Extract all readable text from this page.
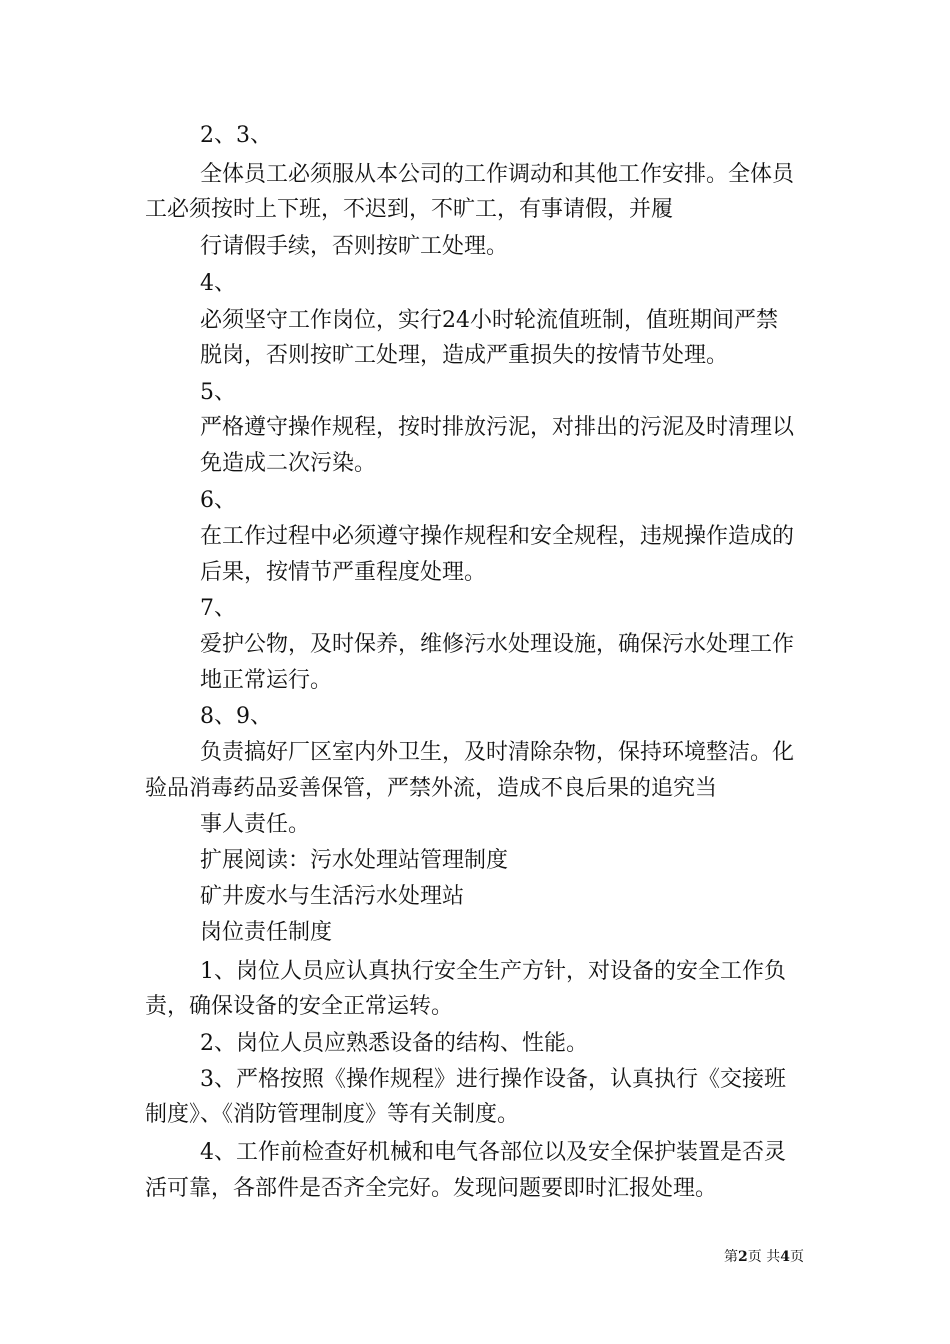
2、3、
全体员工必须服从本公司的工作调动和其他工作安排。全体员
工必须按时上下班，不迟到，不旷工，有事请假，并履
行请假手续，否则按旷工处理。
4、
必须坚守工作岗位，实行24小时轮流值班制，值班期间严禁
脱岗，否则按旷工处理，造成严重损失的按情节处理。
5、
严格遵守操作规程，按时排放污泥，对排出的污泥及时清理以
免造成二次污染。
6、
在工作过程中必须遵守操作规程和安全规程，违规操作造成的
后果，按情节严重程度处理。
7、
爱护公物，及时保养，维修污水处理设施，确保污水处理工作
地正常运行。
8、9、
负责搞好厂区室内外卫生，及时清除杂物，保持环境整洁。化
验品消毒药品妥善保管，严禁外流，造成不良后果的追究当
事人责任。
扩展阅读：污水处理站管理制度
矿井废水与生活污水处理站
岗位责任制度
1、岗位人员应认真执行安全生产方针，对设备的安全工作负
责，确保设备的安全正常运转。
2、岗位人员应熟悉设备的结构、性能。
3、严格按照《操作规程》进行操作设备，认真执行《交接班
制度》、《消防管理制度》等有关制度。
4、工作前检查好机械和电气各部位以及安全保护装置是否灵
活可靠，各部件是否齐全完好。发现问题要即时汇报处理。
第2页 共4页
